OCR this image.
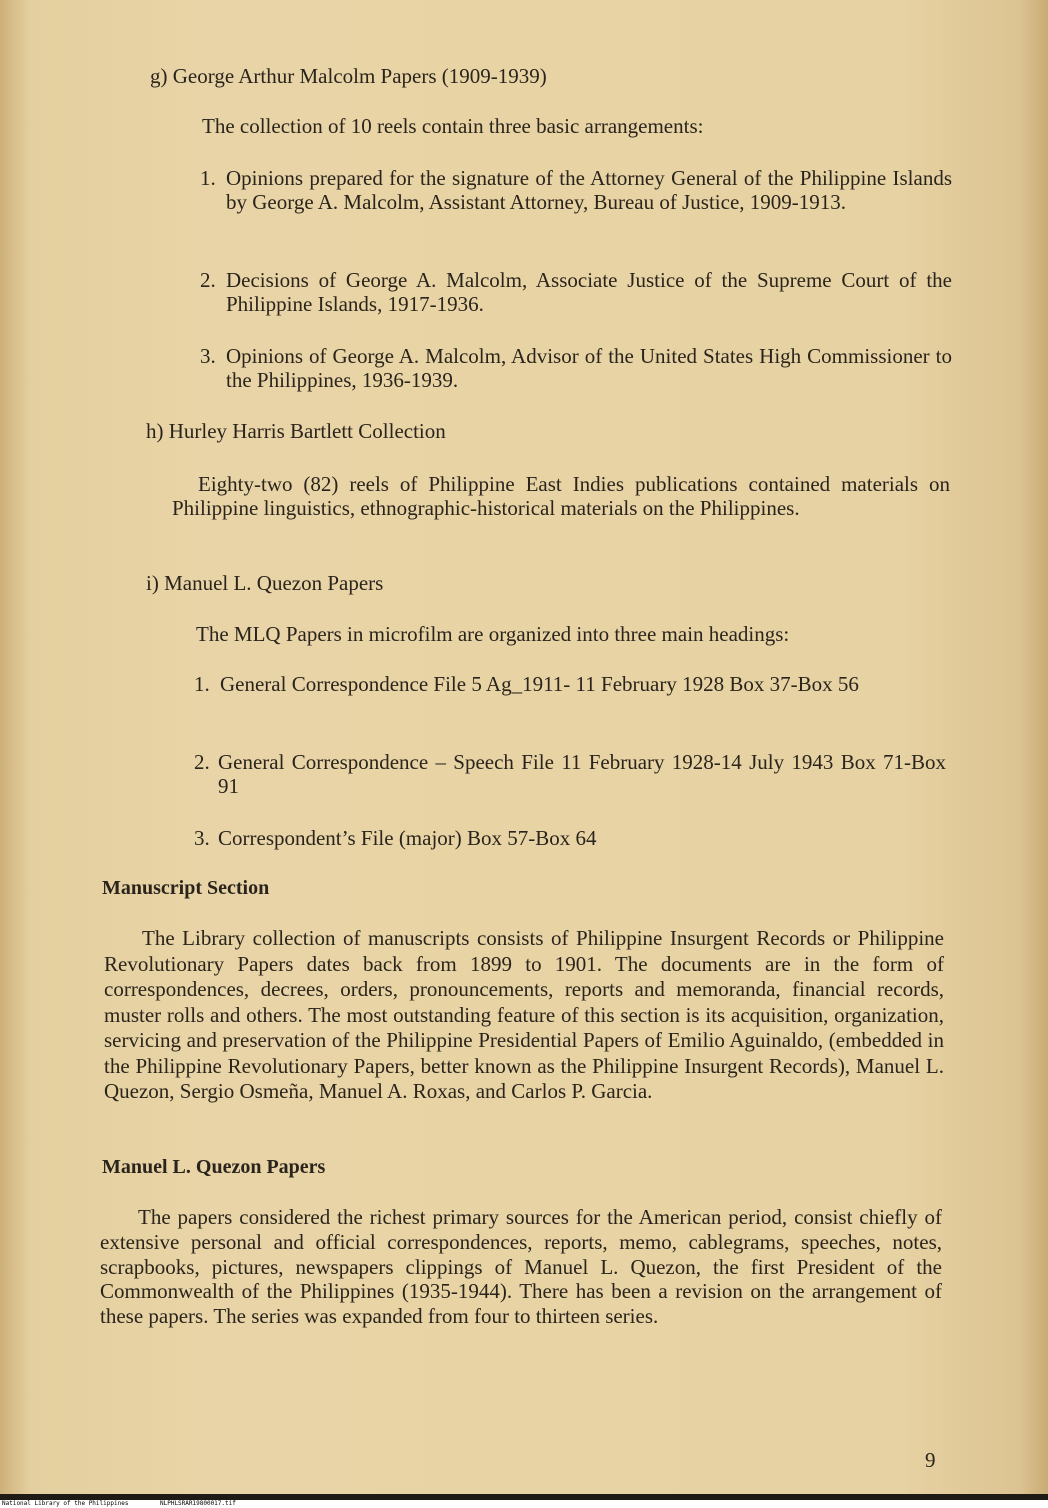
g) George Arthur Malcolm Papers (1909-1939)
The collection of 10 reels contain three basic arrangements:
1. Opinions prepared for the signature of the Attorney General of the Philippine Islands by George A. Malcolm, Assistant Attorney, Bureau of Justice, 1909-1913.
2. Decisions of George A. Malcolm, Associate Justice of the Supreme Court of the Philippine Islands, 1917-1936.
3. Opinions of George A. Malcolm, Advisor of the United States High Commissioner to the Philippines, 1936-1939.
h) Hurley Harris Bartlett Collection
Eighty-two (82) reels of Philippine East Indies publications contained materials on Philippine linguistics, ethnographic-historical materials on the Philippines.
i) Manuel L. Quezon Papers
The MLQ Papers in microfilm are organized into three main headings:
1. General Correspondence File 5 Ag_1911- 11 February 1928 Box 37-Box 56
2. General Correspondence – Speech File 11 February 1928-14 July 1943 Box 71-Box 91
3. Correspondent’s File (major) Box 57-Box 64
Manuscript Section
The Library collection of manuscripts consists of Philippine Insurgent Records or Philippine Revolutionary Papers dates back from 1899 to 1901. The documents are in the form of correspondences, decrees, orders, pronouncements, reports and memoranda, financial records, muster rolls and others. The most outstanding feature of this section is its acquisition, organization, servicing and preservation of the Philippine Presidential Papers of Emilio Aguinaldo, (embedded in the Philippine Revolutionary Papers, better known as the Philippine Insurgent Records), Manuel L. Quezon, Sergio Osmeña, Manuel A. Roxas, and Carlos P. Garcia.
Manuel L. Quezon Papers
The papers considered the richest primary sources for the American period, consist chiefly of extensive personal and official correspondences, reports, memo, cablegrams, speeches, notes, scrapbooks, pictures, newspapers clippings of Manuel L. Quezon, the first President of the Commonwealth of the Philippines (1935-1944). There has been a revision on the arrangement of these papers. The series was expanded from four to thirteen series.
9
National Library of the Philippines	NLPHLSRAR19800017.tif
